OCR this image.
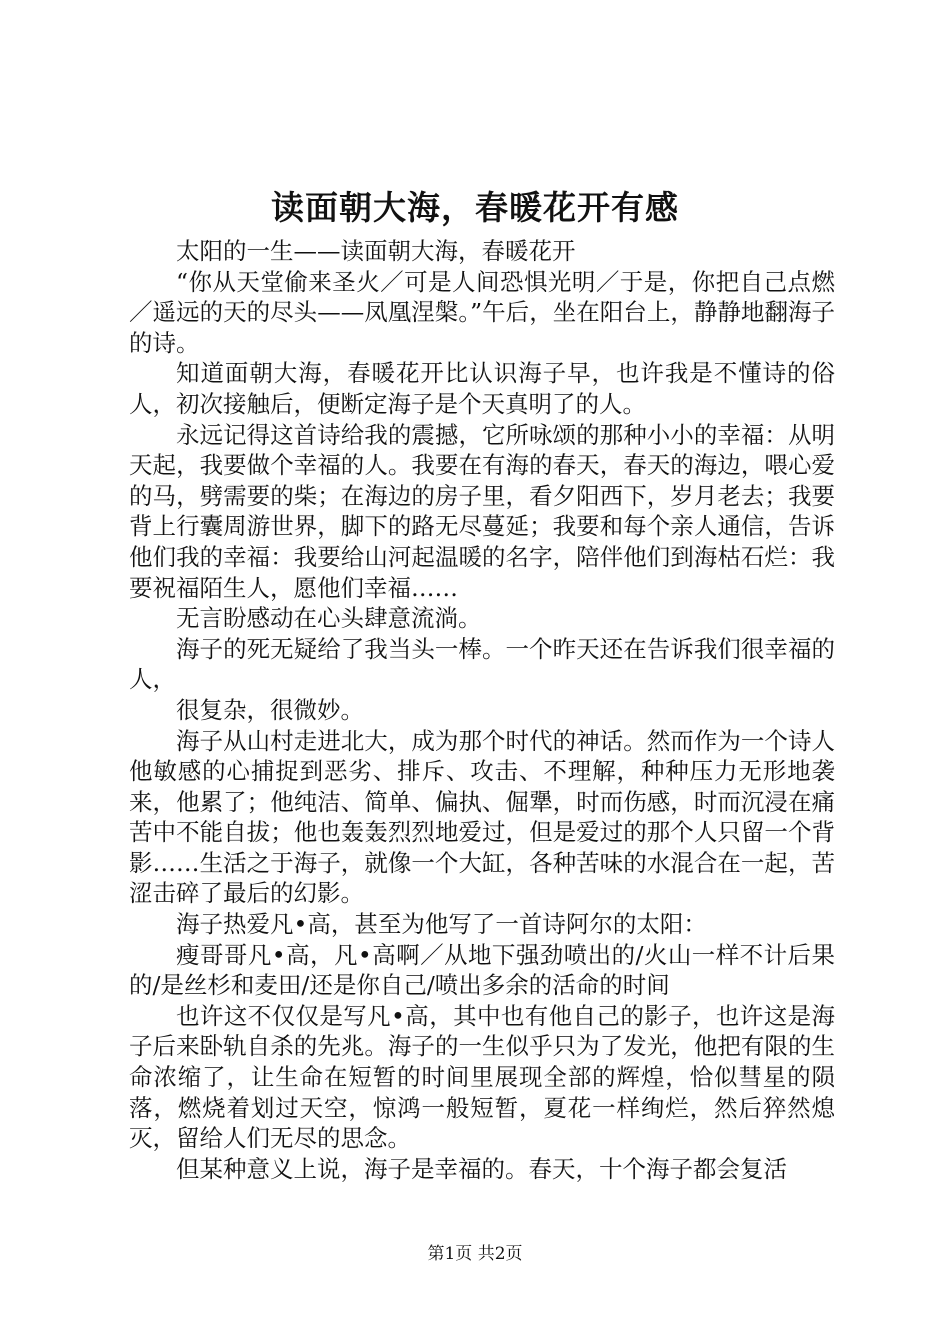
读面朝大海，春暖花开有感

太阳的一生——读面朝大海，春暖花开

“你从天堂偷来圣火／可是人间恐惧光明／于是，你把自己点燃／遥远的天的尽头——凤凰涅槃。”午后，坐在阳台上，静静地翻海子的诗。

知道面朝大海，春暖花开比认识海子早，也许我是不懂诗的俗人，初次接触后，便断定海子是个天真明了的人。

永远记得这首诗给我的震撼，它所咏颂的那种小小的幸福：从明天起，我要做个幸福的人。我要在有海的春天，春天的海边，喂心爱的马，劈需要的柴；在海边的房子里，看夕阳西下，岁月老去；我要背上行囊周游世界，脚下的路无尽蔓延；我要和每个亲人通信，告诉他们我的幸福：我要给山河起温暖的名字，陪伴他们到海枯石烂：我要祝福陌生人，愿他们幸福……

无言盼感动在心头肆意流淌。

海子的死无疑给了我当头一棒。一个昨天还在告诉我们很幸福的人，

很复杂，很微妙。

海子从山村走进北大，成为那个时代的神话。然而作为一个诗人他敏感的心捕捉到恶劣、排斥、攻击、不理解，种种压力无形地袭来，他累了；他纯洁、简单、偏执、倔犟，时而伤感，时而沉浸在痛苦中不能自拔；他也轰轰烈烈地爱过，但是爱过的那个人只留一个背影……生活之于海子，就像一个大缸，各种苦味的水混合在一起，苦涩击碎了最后的幻影。

海子热爱凡•高，甚至为他写了一首诗阿尔的太阳：

瘦哥哥凡•高，凡•高啊／从地下强劲喷出的/火山一样不计后果的/是丝杉和麦田/还是你自己/喷出多余的活命的时间

也许这不仅仅是写凡•高，其中也有他自己的影子，也许这是海子后来卧轨自杀的先兆。海子的一生似乎只为了发光，他把有限的生命浓缩了，让生命在短暂的时间里展现全部的辉煌，恰似彗星的陨落，燃烧着划过天空，惊鸿一般短暂，夏花一样绚烂，然后猝然熄灭，留给人们无尽的思念。

但某种意义上说，海子是幸福的。春天，十个海子都会复活

第1页 共2页
